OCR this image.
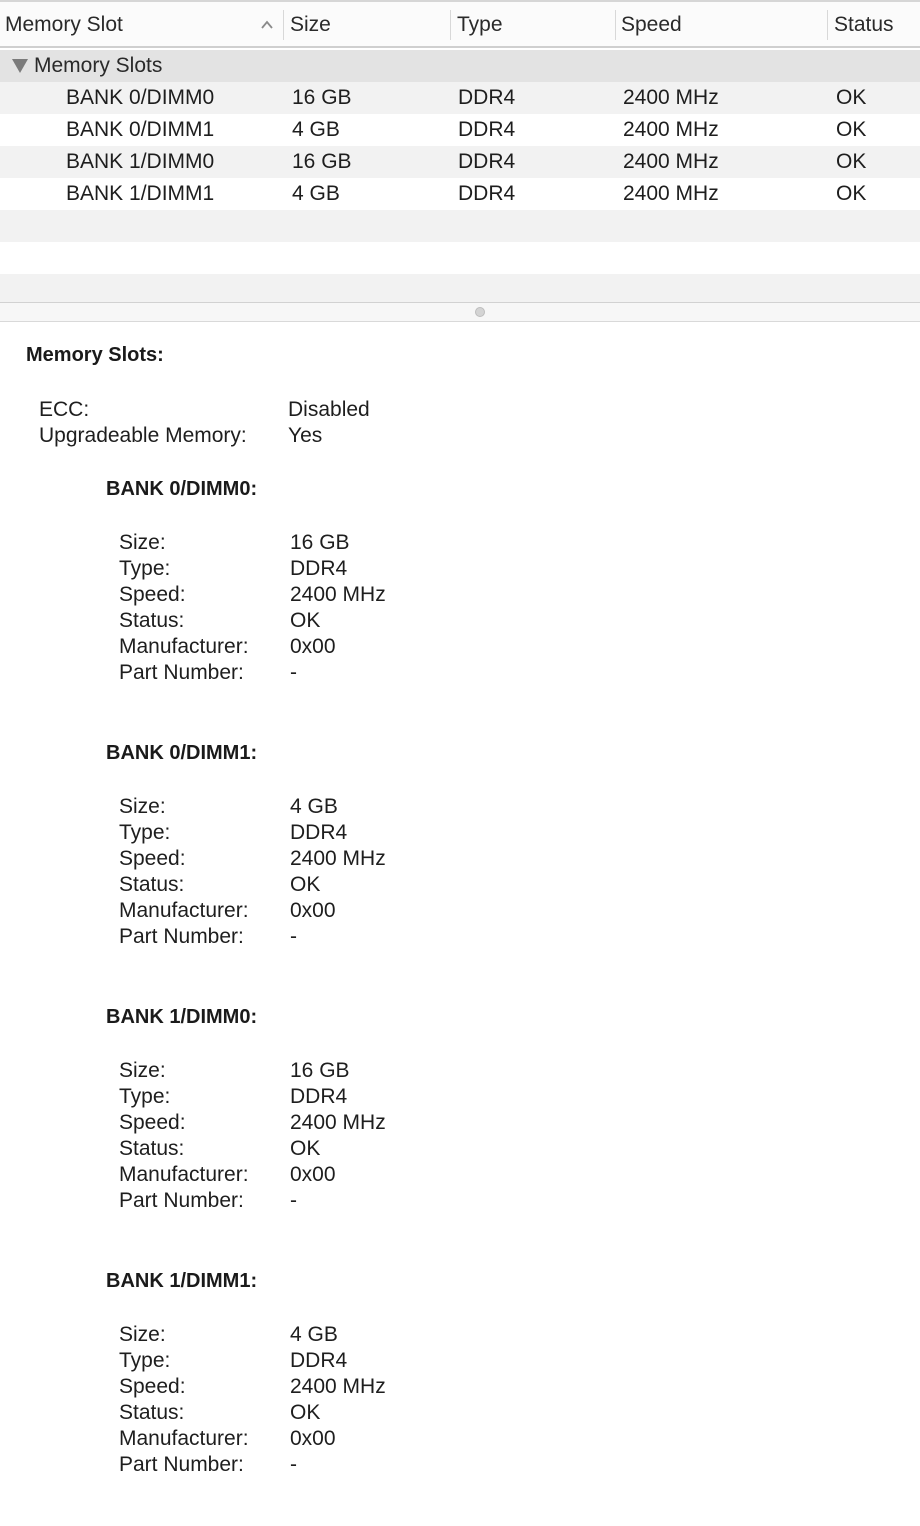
Memory Slot	Size	Type	Speed	Status
Memory Slots
BANK 0/DIMM0	16 GB	DDR4	2400 MHz	OK
BANK 0/DIMM1	4 GB	DDR4	2400 MHz	OK
BANK 1/DIMM0	16 GB	DDR4	2400 MHz	OK
BANK 1/DIMM1	4 GB	DDR4	2400 MHz	OK
Memory Slots:
ECC:	Disabled
Upgradeable Memory: Yes
BANK 0/DIMM0:
Size:	16 GB
Type:	DDR4
Speed:	2400 MHz
Status:	OK
Manufacturer: 0x00
Part Number: -
BANK 0/DIMM1:
Size:	4 GB
Type:	DDR4
Speed:	2400 MHz
Status:	OK
Manufacturer: 0x00
Part Number: -
BANK 1/DIMM0:
Size:	16 GB
Type:	DDR4
Speed:	2400 MHz
Status:	OK
Manufacturer: 0x00
Part Number: -
BANK 1/DIMM1:
Size:	4 GB
Type:	DDR4
Speed:	2400 MHz
Status:	OK
Manufacturer: 0x00
Part Number: -
